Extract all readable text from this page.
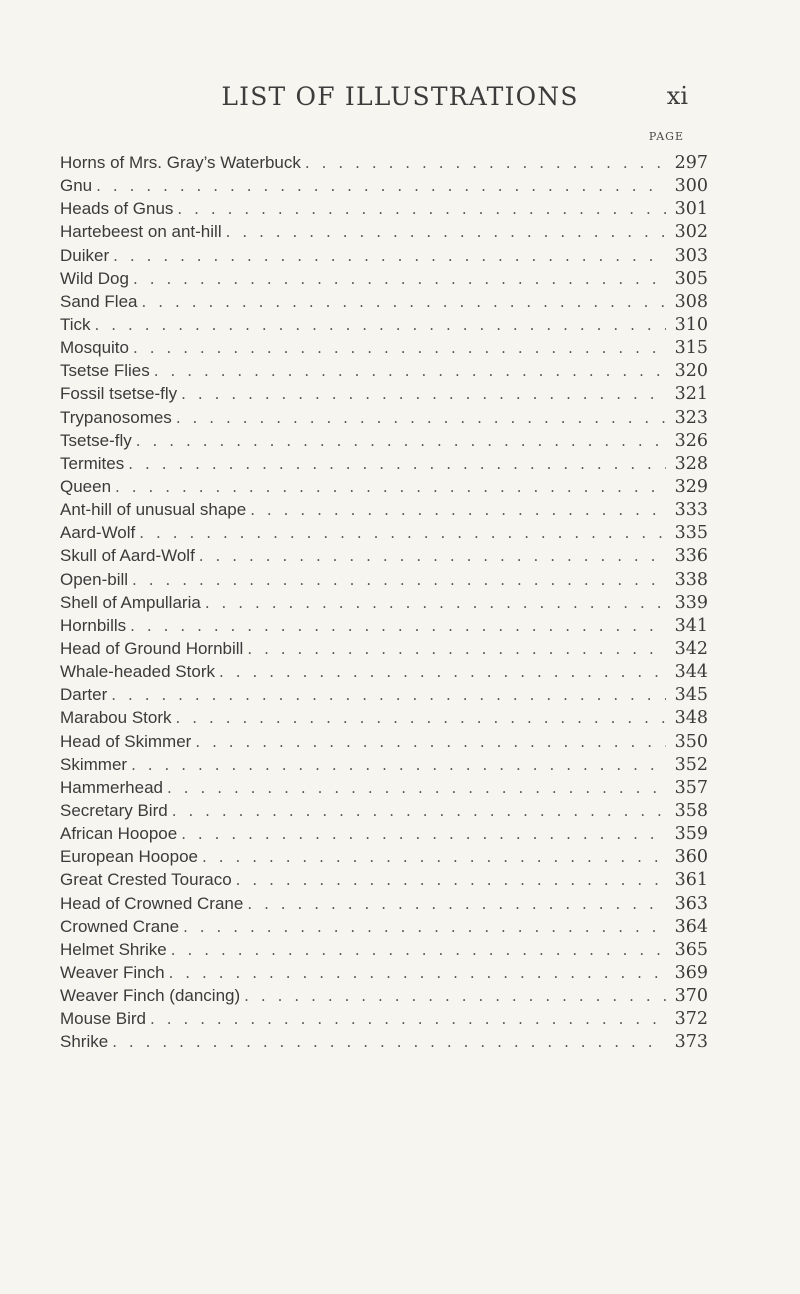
LIST OF ILLUSTRATIONS	xi
PAGE
Horns of Mrs. Gray’s Waterbuck . . .	297
Gnu . . .	300
Heads of Gnus . . .	301
Hartebeest on ant-hill . . .	302
Duiker . . .	303
Wild Dog . . .	305
Sand Flea . . .	308
Tick . . .	310
Mosquito . . .	315
Tsetse Flies . . .	320
Fossil tsetse-fly . . .	321
Trypanosomes . . .	323
Tsetse-fly . . .	326
Termites . . .	328
Queen . . .	329
Ant-hill of unusual shape . . .	333
Aard-Wolf . . .	335
Skull of Aard-Wolf . . .	336
Open-bill . . .	338
Shell of Ampullaria . . .	339
Hornbills . . .	341
Head of Ground Hornbill . . .	342
Whale-headed Stork . . .	344
Darter . . .	345
Marabou Stork . . .	348
Head of Skimmer . . .	350
Skimmer . . .	352
Hammerhead . . .	357
Secretary Bird . . .	358
African Hoopoe . . .	359
European Hoopoe . . .	360
Great Crested Touraco . . .	361
Head of Crowned Crane . . .	363
Crowned Crane . . .	364
Helmet Shrike . . .	365
Weaver Finch . . .	369
Weaver Finch (dancing) . . .	370
Mouse Bird . . .	372
Shrike . . .	373
